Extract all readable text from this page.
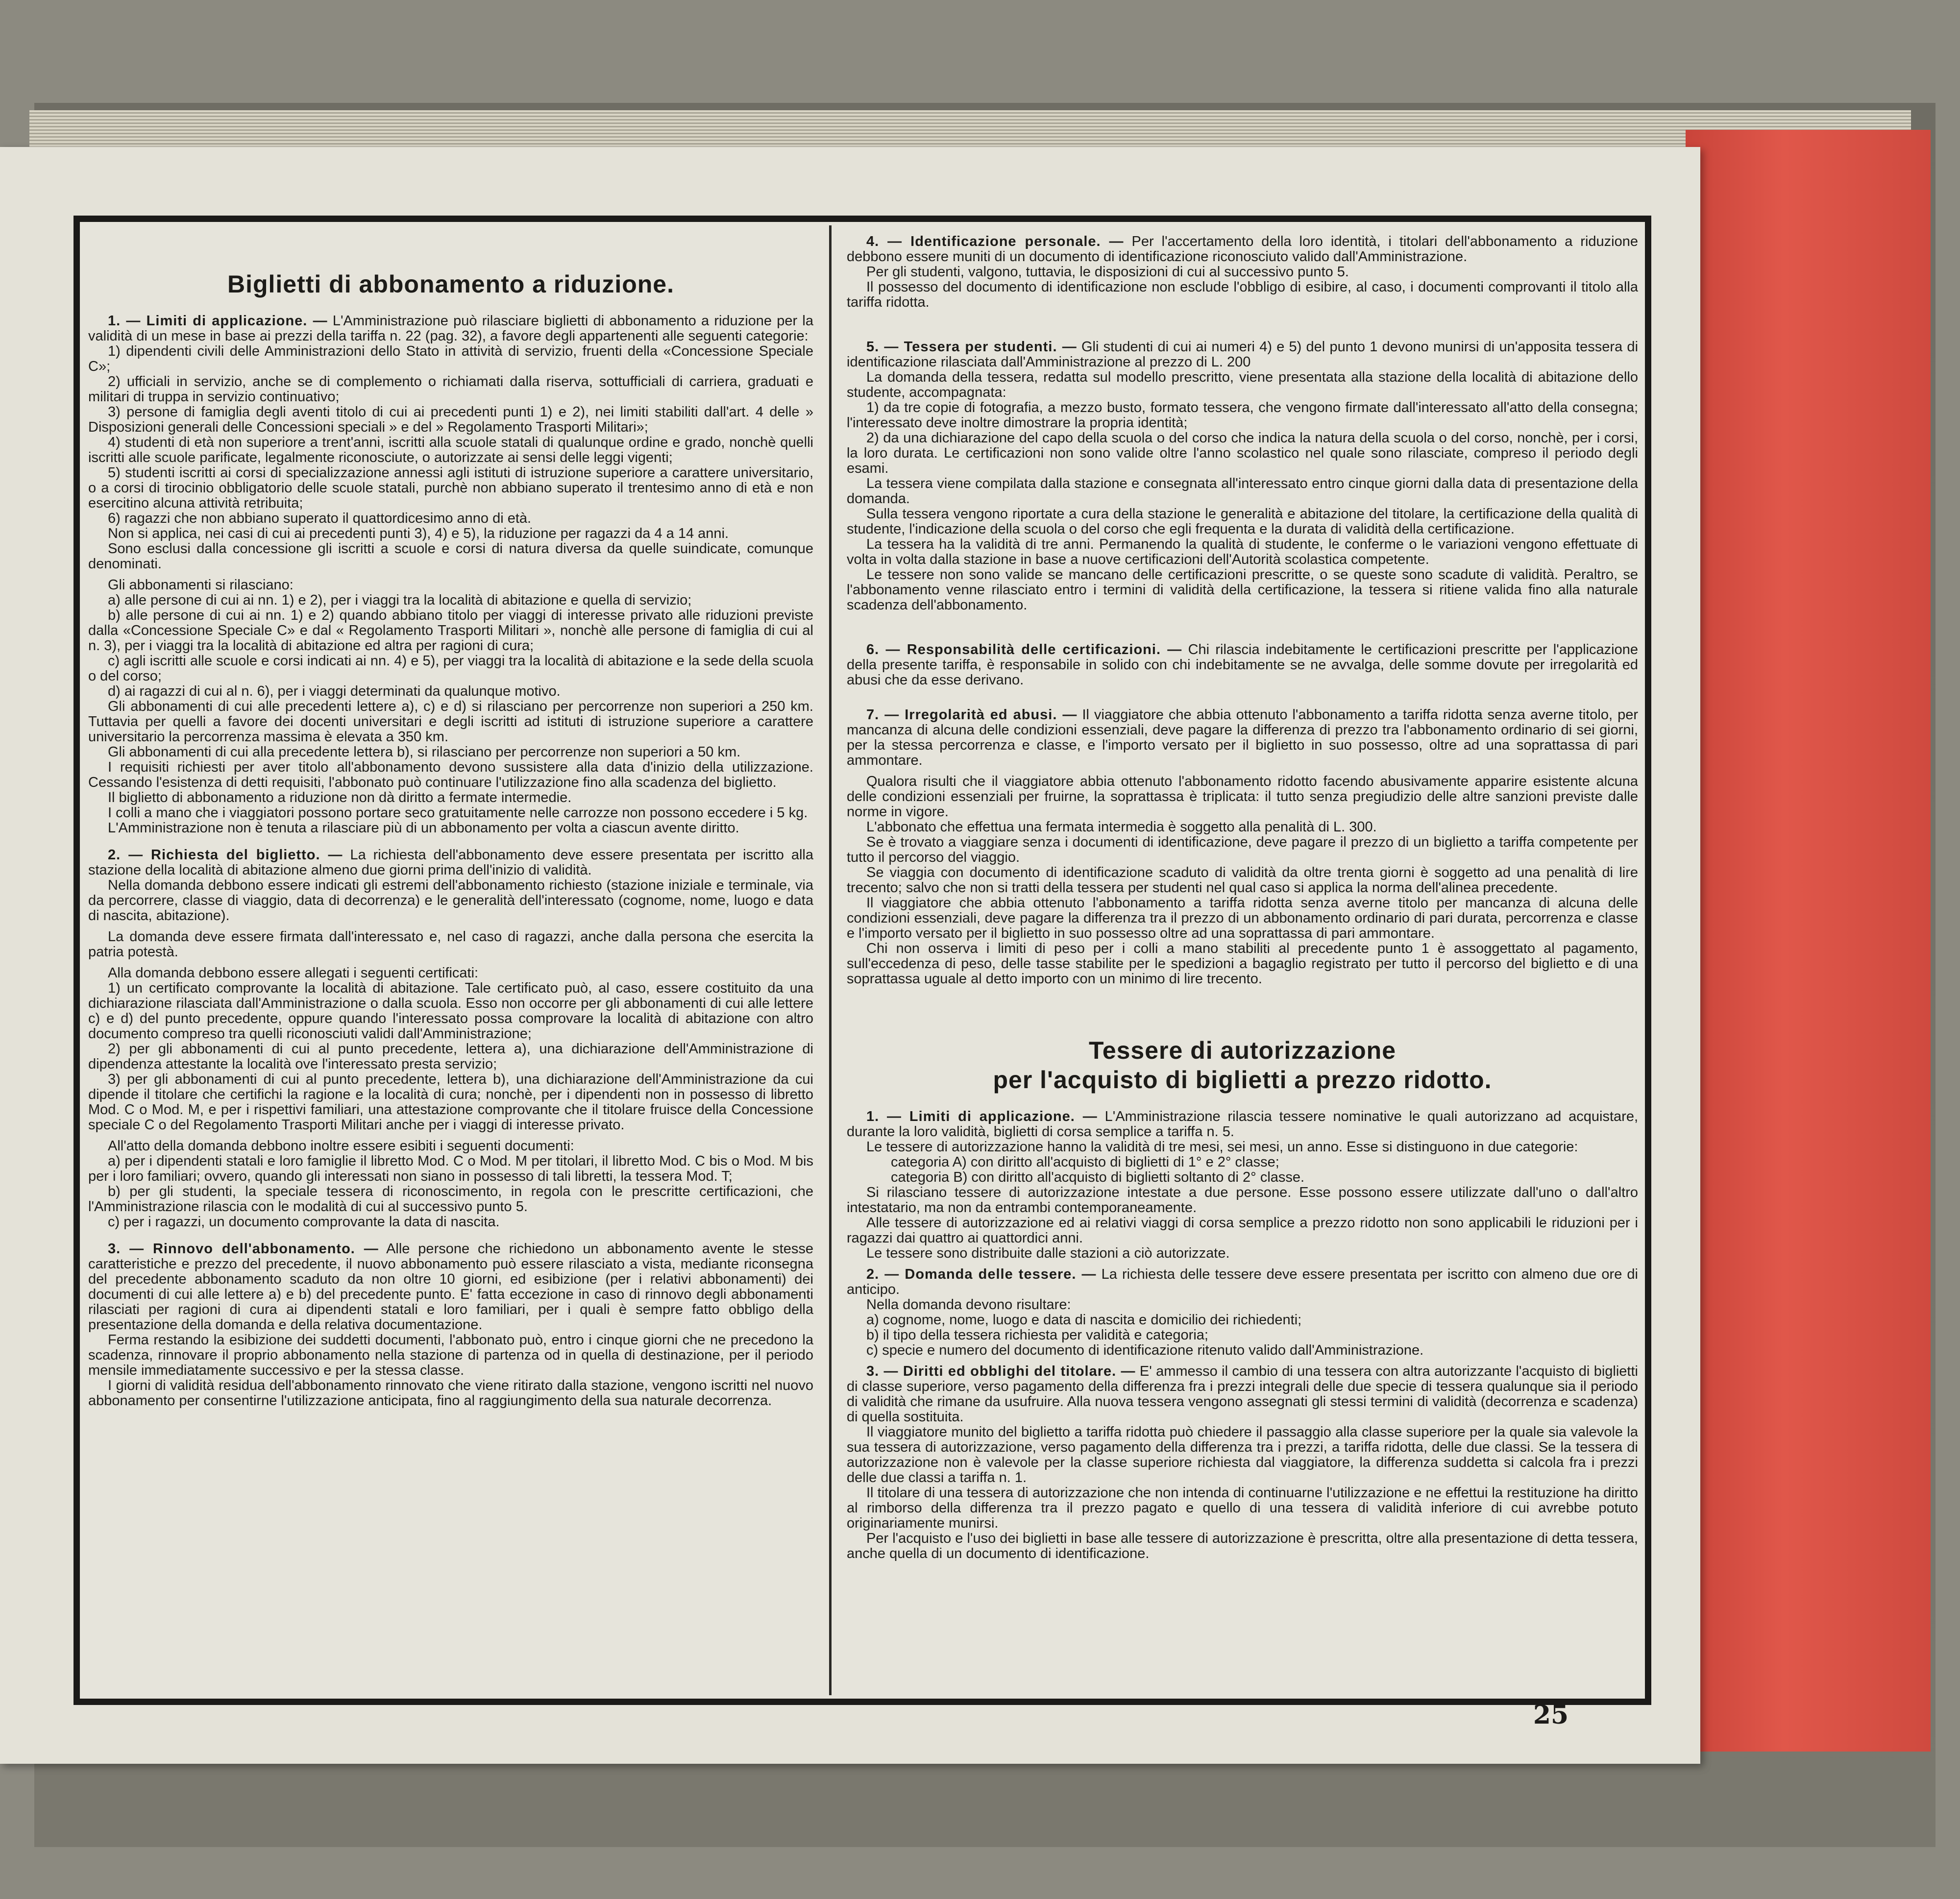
Biglietti di abbonamento a riduzione.

1. — Limiti di applicazione. — L'Amministrazione può rilasciare biglietti di abbonamento a riduzione per la validità di un mese in base ai prezzi della tariffa n. 22 (pag. 32), a favore degli appartenenti alle seguenti categorie:

1) dipendenti civili delle Amministrazioni dello Stato in attività di servizio, fruenti della «Concessione Speciale C»;

2) ufficiali in servizio, anche se di complemento o richiamati dalla riserva, sottufficiali di carriera, graduati e militari di truppa in servizio continuativo;

3) persone di famiglia degli aventi titolo di cui ai precedenti punti 1) e 2), nei limiti stabiliti dall'art. 4 delle » Disposizioni generali delle Concessioni speciali » e del » Regolamento Trasporti Militari»;

4) studenti di età non superiore a trent'anni, iscritti alla scuole statali di qualunque ordine e grado, nonchè quelli iscritti alle scuole parificate, legalmente riconosciute, o autorizzate ai sensi delle leggi vigenti;

5) studenti iscritti ai corsi di specializzazione annessi agli istituti di istruzione superiore a carattere universitario, o a corsi di tirocinio obbligatorio delle scuole statali, purchè non abbiano superato il trentesimo anno di età e non esercitino alcuna attività retribuita;

6) ragazzi che non abbiano superato il quattordicesimo anno di età.

Non si applica, nei casi di cui ai precedenti punti 3), 4) e 5), la riduzione per ragazzi da 4 a 14 anni.

Sono esclusi dalla concessione gli iscritti a scuole e corsi di natura diversa da quelle suindicate, comunque denominati.

Gli abbonamenti si rilasciano:

a) alle persone di cui ai nn. 1) e 2), per i viaggi tra la località di abitazione e quella di servizio;

b) alle persone di cui ai nn. 1) e 2) quando abbiano titolo per viaggi di interesse privato alle riduzioni previste dalla «Concessione Speciale C» e dal « Regolamento Trasporti Militari », nonchè alle persone di famiglia di cui al n. 3), per i viaggi tra la località di abitazione ed altra per ragioni di cura;

c) agli iscritti alle scuole e corsi indicati ai nn. 4) e 5), per viaggi tra la località di abitazione e la sede della scuola o del corso;

d) ai ragazzi di cui al n. 6), per i viaggi determinati da qualunque motivo.

Gli abbonamenti di cui alle precedenti lettere a), c) e d) si rilasciano per percorrenze non superiori a 250 km. Tuttavia per quelli a favore dei docenti universitari e degli iscritti ad istituti di istruzione superiore a carattere universitario la percorrenza massima è elevata a 350 km.

Gli abbonamenti di cui alla precedente lettera b), si rilasciano per percorrenze non superiori a 50 km.

I requisiti richiesti per aver titolo all'abbonamento devono sussistere alla data d'inizio della utilizzazione. Cessando l'esistenza di detti requisiti, l'abbonato può continuare l'utilizzazione fino alla scadenza del biglietto.

Il biglietto di abbonamento a riduzione non dà diritto a fermate intermedie.

I colli a mano che i viaggiatori possono portare seco gratuitamente nelle carrozze non possono eccedere i 5 kg.

L'Amministrazione non è tenuta a rilasciare più di un abbonamento per volta a ciascun avente diritto.

2. — Richiesta del biglietto. — La richiesta dell'abbonamento deve essere presentata per iscritto alla stazione della località di abitazione almeno due giorni prima dell'inizio di validità.

Nella domanda debbono essere indicati gli estremi dell'abbonamento richiesto (stazione iniziale e terminale, via da percorrere, classe di viaggio, data di decorrenza) e le generalità dell'interessato (cognome, nome, luogo e data di nascita, abitazione).

La domanda deve essere firmata dall'interessato e, nel caso di ragazzi, anche dalla persona che esercita la patria potestà.

Alla domanda debbono essere allegati i seguenti certificati:

1) un certificato comprovante la località di abitazione. Tale certificato può, al caso, essere costituito da una dichiarazione rilasciata dall'Amministrazione o dalla scuola. Esso non occorre per gli abbonamenti di cui alle lettere c) e d) del punto precedente, oppure quando l'interessato possa comprovare la località di abitazione con altro documento compreso tra quelli riconosciuti validi dall'Amministrazione;

2) per gli abbonamenti di cui al punto precedente, lettera a), una dichiarazione dell'Amministrazione di dipendenza attestante la località ove l'interessato presta servizio;

3) per gli abbonamenti di cui al punto precedente, lettera b), una dichiarazione dell'Amministrazione da cui dipende il titolare che certifichi la ragione e la località di cura; nonchè, per i dipendenti non in possesso di libretto Mod. C o Mod. M, e per i rispettivi familiari, una attestazione comprovante che il titolare fruisce della Concessione speciale C o del Regolamento Trasporti Militari anche per i viaggi di interesse privato.

All'atto della domanda debbono inoltre essere esibiti i seguenti documenti:

a) per i dipendenti statali e loro famiglie il libretto Mod. C o Mod. M per titolari, il libretto Mod. C bis o Mod. M bis per i loro familiari; ovvero, quando gli interessati non siano in possesso di tali libretti, la tessera Mod. T;

b) per gli studenti, la speciale tessera di riconoscimento, in regola con le prescritte certificazioni, che l'Amministrazione rilascia con le modalità di cui al successivo punto 5.

c) per i ragazzi, un documento comprovante la data di nascita.

3. — Rinnovo dell'abbonamento. — Alle persone che richiedono un abbonamento avente le stesse caratteristiche e prezzo del precedente, il nuovo abbonamento può essere rilasciato a vista, mediante riconsegna del precedente abbonamento scaduto da non oltre 10 giorni, ed esibizione (per i relativi abbonamenti) dei documenti di cui alle lettere a) e b) del precedente punto. E' fatta eccezione in caso di rinnovo degli abbonamenti rilasciati per ragioni di cura ai dipendenti statali e loro familiari, per i quali è sempre fatto obbligo della presentazione della domanda e della relativa documentazione.

Ferma restando la esibizione dei suddetti documenti, l'abbonato può, entro i cinque giorni che ne precedono la scadenza, rinnovare il proprio abbonamento nella stazione di partenza od in quella di destinazione, per il periodo mensile immediatamente successivo e per la stessa classe.

I giorni di validità residua dell'abbonamento rinnovato che viene ritirato dalla stazione, vengono iscritti nel nuovo abbonamento per consentirne l'utilizzazione anticipata, fino al raggiungimento della sua naturale decorrenza.

4. — Identificazione personale. — Per l'accertamento della loro identità, i titolari dell'abbonamento a riduzione debbono essere muniti di un documento di identificazione riconosciuto valido dall'Amministrazione.

Per gli studenti, valgono, tuttavia, le disposizioni di cui al successivo punto 5.

Il possesso del documento di identificazione non esclude l'obbligo di esibire, al caso, i documenti comprovanti il titolo alla tariffa ridotta.

5. — Tessera per studenti. — Gli studenti di cui ai numeri 4) e 5) del punto 1 devono munirsi di un'apposita tessera di identificazione rilasciata dall'Amministrazione al prezzo di L. 200

La domanda della tessera, redatta sul modello prescritto, viene presentata alla stazione della località di abitazione dello studente, accompagnata:

1) da tre copie di fotografia, a mezzo busto, formato tessera, che vengono firmate dall'interessato all'atto della consegna; l'interessato deve inoltre dimostrare la propria identità;

2) da una dichiarazione del capo della scuola o del corso che indica la natura della scuola o del corso, nonchè, per i corsi, la loro durata. Le certificazioni non sono valide oltre l'anno scolastico nel quale sono rilasciate, compreso il periodo degli esami.

La tessera viene compilata dalla stazione e consegnata all'interessato entro cinque giorni dalla data di presentazione della domanda.

Sulla tessera vengono riportate a cura della stazione le generalità e abitazione del titolare, la certificazione della qualità di studente, l'indicazione della scuola o del corso che egli frequenta e la durata di validità della certificazione.

La tessera ha la validità di tre anni. Permanendo la qualità di studente, le conferme o le variazioni vengono effettuate di volta in volta dalla stazione in base a nuove certificazioni dell'Autorità scolastica competente.

Le tessere non sono valide se mancano delle certificazioni prescritte, o se queste sono scadute di validità. Peraltro, se l'abbonamento venne rilasciato entro i termini di validità della certificazione, la tessera si ritiene valida fino alla naturale scadenza dell'abbonamento.

6. — Responsabilità delle certificazioni. — Chi rilascia indebitamente le certificazioni prescritte per l'applicazione della presente tariffa, è responsabile in solido con chi indebitamente se ne avvalga, delle somme dovute per irregolarità ed abusi che da esse derivano.

7. — Irregolarità ed abusi. — Il viaggiatore che abbia ottenuto l'abbonamento a tariffa ridotta senza averne titolo, per mancanza di alcuna delle condizioni essenziali, deve pagare la differenza di prezzo tra l'abbonamento ordinario di sei giorni, per la stessa percorrenza e classe, e l'importo versato per il biglietto in suo possesso, oltre ad una soprattassa di pari ammontare.

Qualora risulti che il viaggiatore abbia ottenuto l'abbonamento ridotto facendo abusivamente apparire esistente alcuna delle condizioni essenziali per fruirne, la soprattassa è triplicata: il tutto senza pregiudizio delle altre sanzioni previste dalle norme in vigore.

L'abbonato che effettua una fermata intermedia è soggetto alla penalità di L. 300.

Se è trovato a viaggiare senza i documenti di identificazione, deve pagare il prezzo di un biglietto a tariffa competente per tutto il percorso del viaggio.

Se viaggia con documento di identificazione scaduto di validità da oltre trenta giorni è soggetto ad una penalità di lire trecento; salvo che non si tratti della tessera per studenti nel qual caso si applica la norma dell'alinea precedente.

Il viaggiatore che abbia ottenuto l'abbonamento a tariffa ridotta senza averne titolo per mancanza di alcuna delle condizioni essenziali, deve pagare la differenza tra il prezzo di un abbonamento ordinario di pari durata, percorrenza e classe e l'importo versato per il biglietto in suo possesso oltre ad una soprattassa di pari ammontare.

Chi non osserva i limiti di peso per i colli a mano stabiliti al precedente punto 1 è assoggettato al pagamento, sull'eccedenza di peso, delle tasse stabilite per le spedizioni a bagaglio registrato per tutto il percorso del biglietto e di una soprattassa uguale al detto importo con un minimo di lire trecento.

Tessere di autorizzazione
per l'acquisto di biglietti a prezzo ridotto.

1. — Limiti di applicazione. — L'Amministrazione rilascia tessere nominative le quali autorizzano ad acquistare, durante la loro validità, biglietti di corsa semplice a tariffa n. 5.

Le tessere di autorizzazione hanno la validità di tre mesi, sei mesi, un anno. Esse si distinguono in due categorie:

categoria A) con diritto all'acquisto di biglietti di 1° e 2° classe;

categoria B) con diritto all'acquisto di biglietti soltanto di 2° classe.

Si rilasciano tessere di autorizzazione intestate a due persone. Esse possono essere utilizzate dall'uno o dall'altro intestatario, ma non da entrambi contemporaneamente.

Alle tessere di autorizzazione ed ai relativi viaggi di corsa semplice a prezzo ridotto non sono applicabili le riduzioni per i ragazzi dai quattro ai quattordici anni.

Le tessere sono distribuite dalle stazioni a ciò autorizzate.

2. — Domanda delle tessere. — La richiesta delle tessere deve essere presentata per iscritto con almeno due ore di anticipo.

Nella domanda devono risultare:

a) cognome, nome, luogo e data di nascita e domicilio dei richiedenti;

b) il tipo della tessera richiesta per validità e categoria;

c) specie e numero del documento di identificazione ritenuto valido dall'Amministrazione.

3. — Diritti ed obblighi del titolare. — E' ammesso il cambio di una tessera con altra autorizzante l'acquisto di biglietti di classe superiore, verso pagamento della differenza fra i prezzi integrali delle due specie di tessera qualunque sia il periodo di validità che rimane da usufruire. Alla nuova tessera vengono assegnati gli stessi termini di validità (decorrenza e scadenza) di quella sostituita.

Il viaggiatore munito del biglietto a tariffa ridotta può chiedere il passaggio alla classe superiore per la quale sia valevole la sua tessera di autorizzazione, verso pagamento della differenza tra i prezzi, a tariffa ridotta, delle due classi. Se la tessera di autorizzazione non è valevole per la classe superiore richiesta dal viaggiatore, la differenza suddetta si calcola fra i prezzi delle due classi a tariffa n. 1.

Il titolare di una tessera di autorizzazione che non intenda di continuarne l'utilizzazione e ne effettui la restituzione ha diritto al rimborso della differenza tra il prezzo pagato e quello di una tessera di validità inferiore di cui avrebbe potuto originariamente munirsi.

Per l'acquisto e l'uso dei biglietti in base alle tessere di autorizzazione è prescritta, oltre alla presentazione di detta tessera, anche quella di un documento di identificazione.

25
